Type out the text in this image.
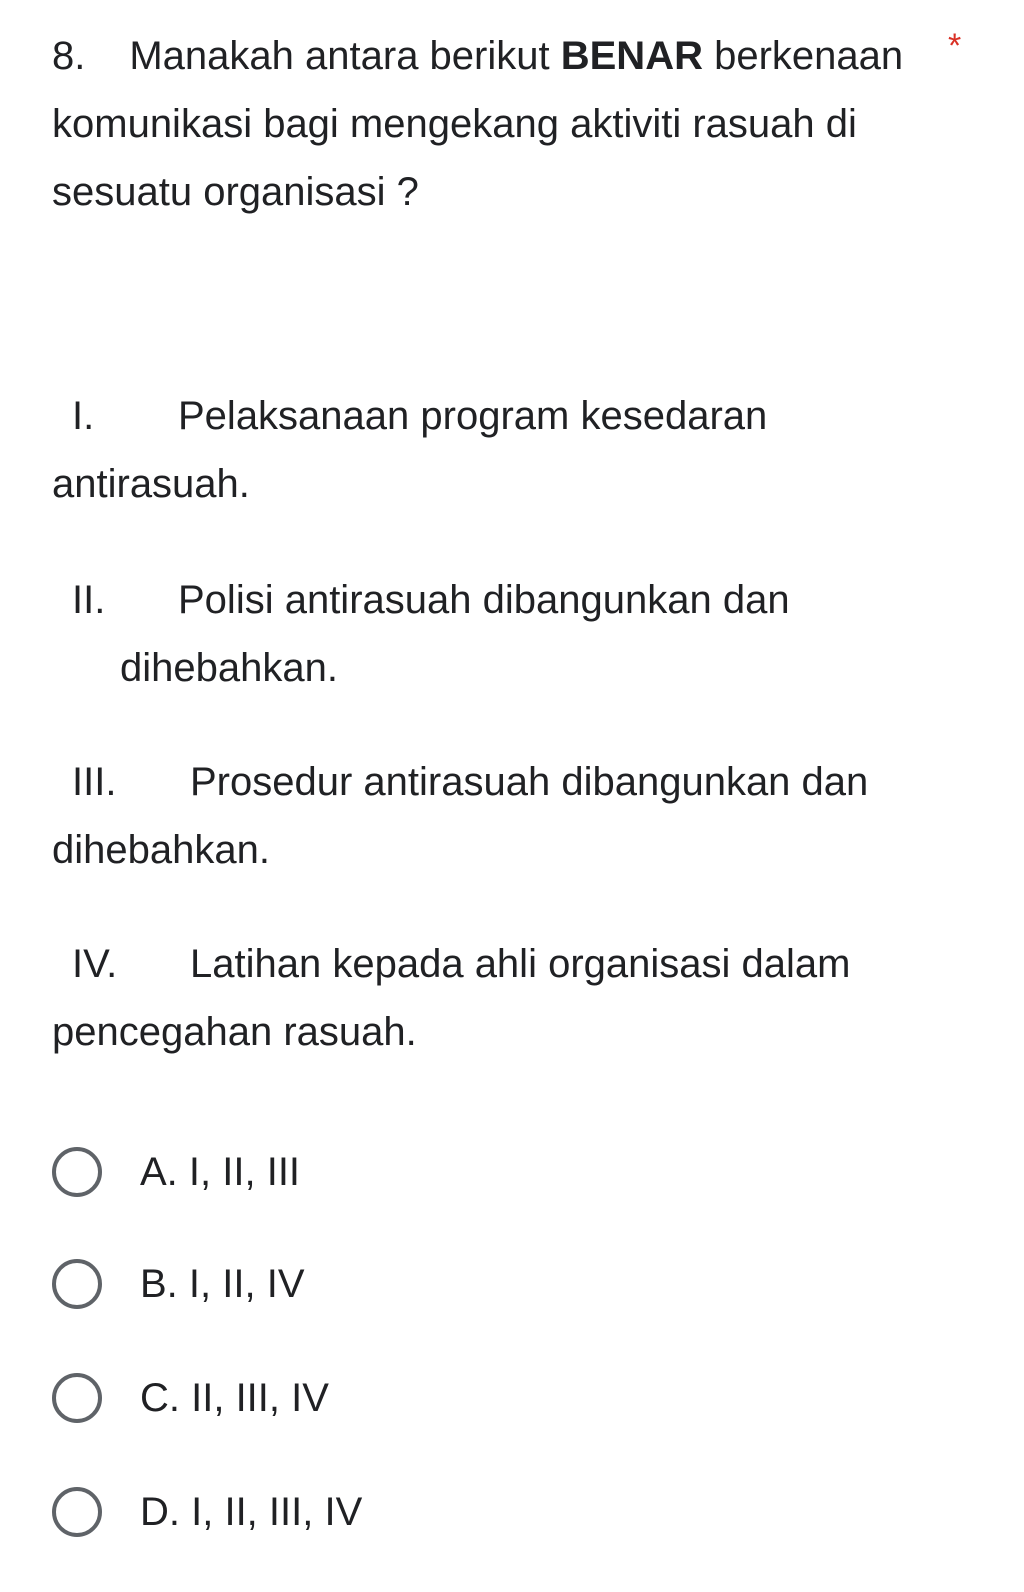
8. Manakah antara berikut BENAR berkenaan komunikasi bagi mengekang aktiviti rasuah di sesuatu organisasi ?
*
I. Pelaksanaan program kesedaran antirasuah.
II. Polisi antirasuah dibangunkan dan dihebahkan.
III. Prosedur antirasuah dibangunkan dan dihebahkan.
IV. Latihan kepada ahli organisasi dalam pencegahan rasuah.
A. I, II, III
B. I, II, IV
C. II, III, IV
D. I, II, III, IV
